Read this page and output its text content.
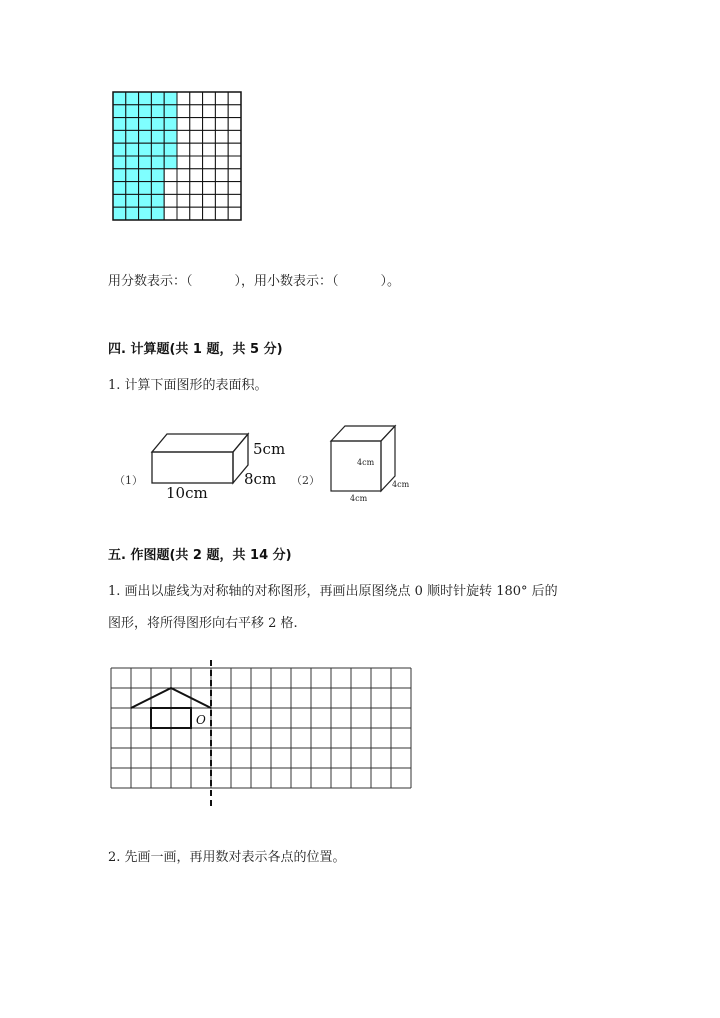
5cm
8cm
10cm
（1）
4cm
4cm
4cm
（2）
O
用分数表示：（	），用小数表示：（	）。
四. 计算题(共 1 题，共 5 分)
1. 计算下面图形的表面积。
五. 作图题(共 2 题，共 14 分)
1. 画出以虚线为对称轴的对称图形，再画出原图绕点 0 顺时针旋转 180° 后的
图形，将所得图形向右平移 2 格.
2. 先画一画，再用数对表示各点的位置。
